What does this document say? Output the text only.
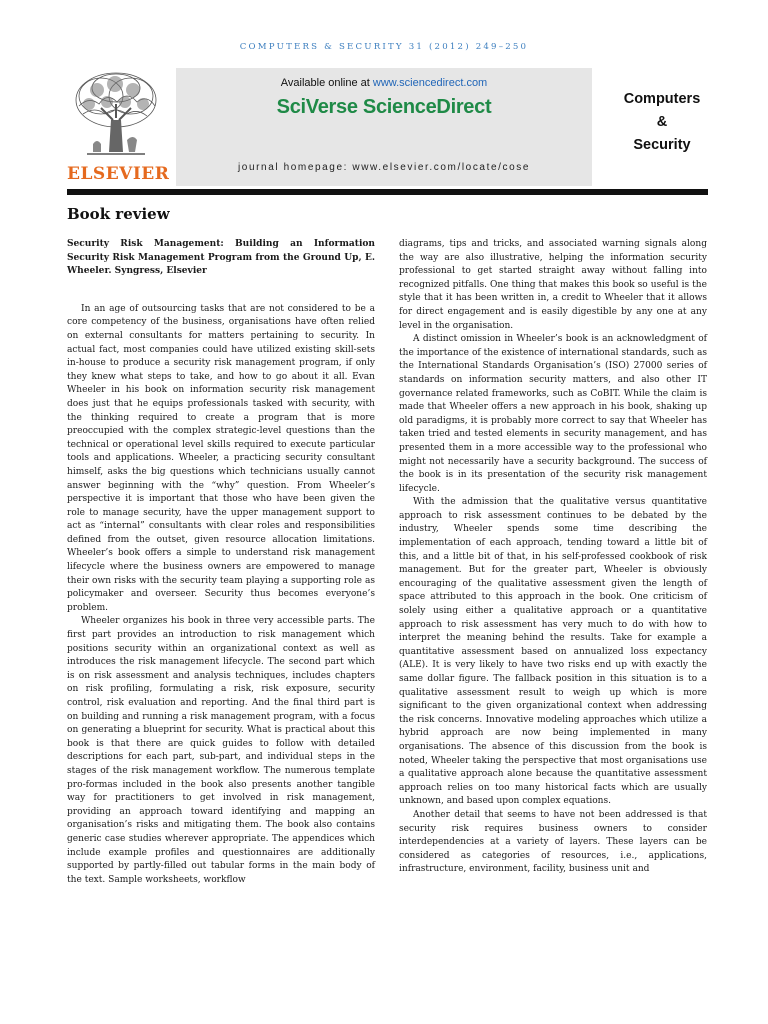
COMPUTERS & SECURITY 31 (2012) 249–250
ELSEVIER
Available online at www.sciencedirect.com
SciVerse ScienceDirect
journal homepage: www.elsevier.com/locate/cose
Computers
&
Security
Book review

Security Risk Management: Building an Information Security Risk Management Program from the Ground Up, E. Wheeler. Syngress, Elsevier

In an age of outsourcing tasks that are not considered to be a core competency of the business, organisations have often relied on external consultants for matters pertaining to security. In actual fact, most companies could have utilized existing skill-sets in-house to produce a security risk management program, if only they knew what steps to take, and how to go about it all. Evan Wheeler in his book on information security risk management does just that he equips professionals tasked with security, with the thinking required to create a program that is more preoccupied with the complex strategic-level questions than the technical or operational level skills required to execute particular tools and applications. Wheeler, a practicing security consultant himself, asks the big questions which technicians usually cannot answer beginning with the “why” question. From Wheeler’s perspective it is important that those who have been given the role to manage security, have the upper management support to act as “internal” consultants with clear roles and responsibilities defined from the outset, given resource allocation limitations. Wheeler’s book offers a simple to understand risk management lifecycle where the business owners are empowered to manage their own risks with the security team playing a supporting role as policymaker and overseer. Security thus becomes everyone’s problem.

Wheeler organizes his book in three very accessible parts. The first part provides an introduction to risk management which positions security within an organizational context as well as introduces the risk management lifecycle. The second part which is on risk assessment and analysis techniques, includes chapters on risk profiling, formulating a risk, risk exposure, security control, risk evaluation and reporting. And the final third part is on building and running a risk management program, with a focus on generating a blueprint for security. What is practical about this book is that there are quick guides to follow with detailed descriptions for each part, sub-part, and individual steps in the stages of the risk management workflow. The numerous template pro-formas included in the book also presents another tangible way for practitioners to get involved in risk management, providing an approach toward identifying and mapping an organisation’s risks and mitigating them. The book also contains generic case studies wherever appropriate. The appendices which include example profiles and questionnaires are additionally supported by partly-filled out tabular forms in the main body of the text. Sample worksheets, workflow

diagrams, tips and tricks, and associated warning signals along the way are also illustrative, helping the information security professional to get started straight away without falling into recognized pitfalls. One thing that makes this book so useful is the style that it has been written in, a credit to Wheeler that it allows for direct engagement and is easily digestible by any one at any level in the organisation.

A distinct omission in Wheeler’s book is an acknowledgment of the importance of the existence of international standards, such as the International Standards Organisation’s (ISO) 27000 series of standards on information security matters, and also other IT governance related frameworks, such as CoBIT. While the claim is made that Wheeler offers a new approach in his book, shaking up old paradigms, it is probably more correct to say that Wheeler has taken tried and tested elements in security management, and has presented them in a more accessible way to the professional who might not necessarily have a security background. The success of the book is in its presentation of the security risk management lifecycle.

With the admission that the qualitative versus quantitative approach to risk assessment continues to be debated by the industry, Wheeler spends some time describing the implementation of each approach, tending toward a little bit of this, and a little bit of that, in his self-professed cookbook of risk management. But for the greater part, Wheeler is obviously encouraging of the qualitative assessment given the length of space attributed to this approach in the book. One criticism of solely using either a qualitative approach or a quantitative approach to risk assessment has very much to do with how to interpret the meaning behind the results. Take for example a quantitative assessment based on annualized loss expectancy (ALE). It is very likely to have two risks end up with exactly the same dollar figure. The fallback position in this situation is to a qualitative assessment result to weigh up which is more significant to the given organizational context when addressing the risk concerns. Innovative modeling approaches which utilize a hybrid approach are now being implemented in many organisations. The absence of this discussion from the book is noted, Wheeler taking the perspective that most organisations use a qualitative approach alone because the quantitative assessment approach relies on too many historical facts which are usually unknown, and based upon complex equations.

Another detail that seems to have not been addressed is that security risk requires business owners to consider interdependencies at a variety of layers. These layers can be considered as categories of resources, i.e., applications, infrastructure, environment, facility, business unit and
